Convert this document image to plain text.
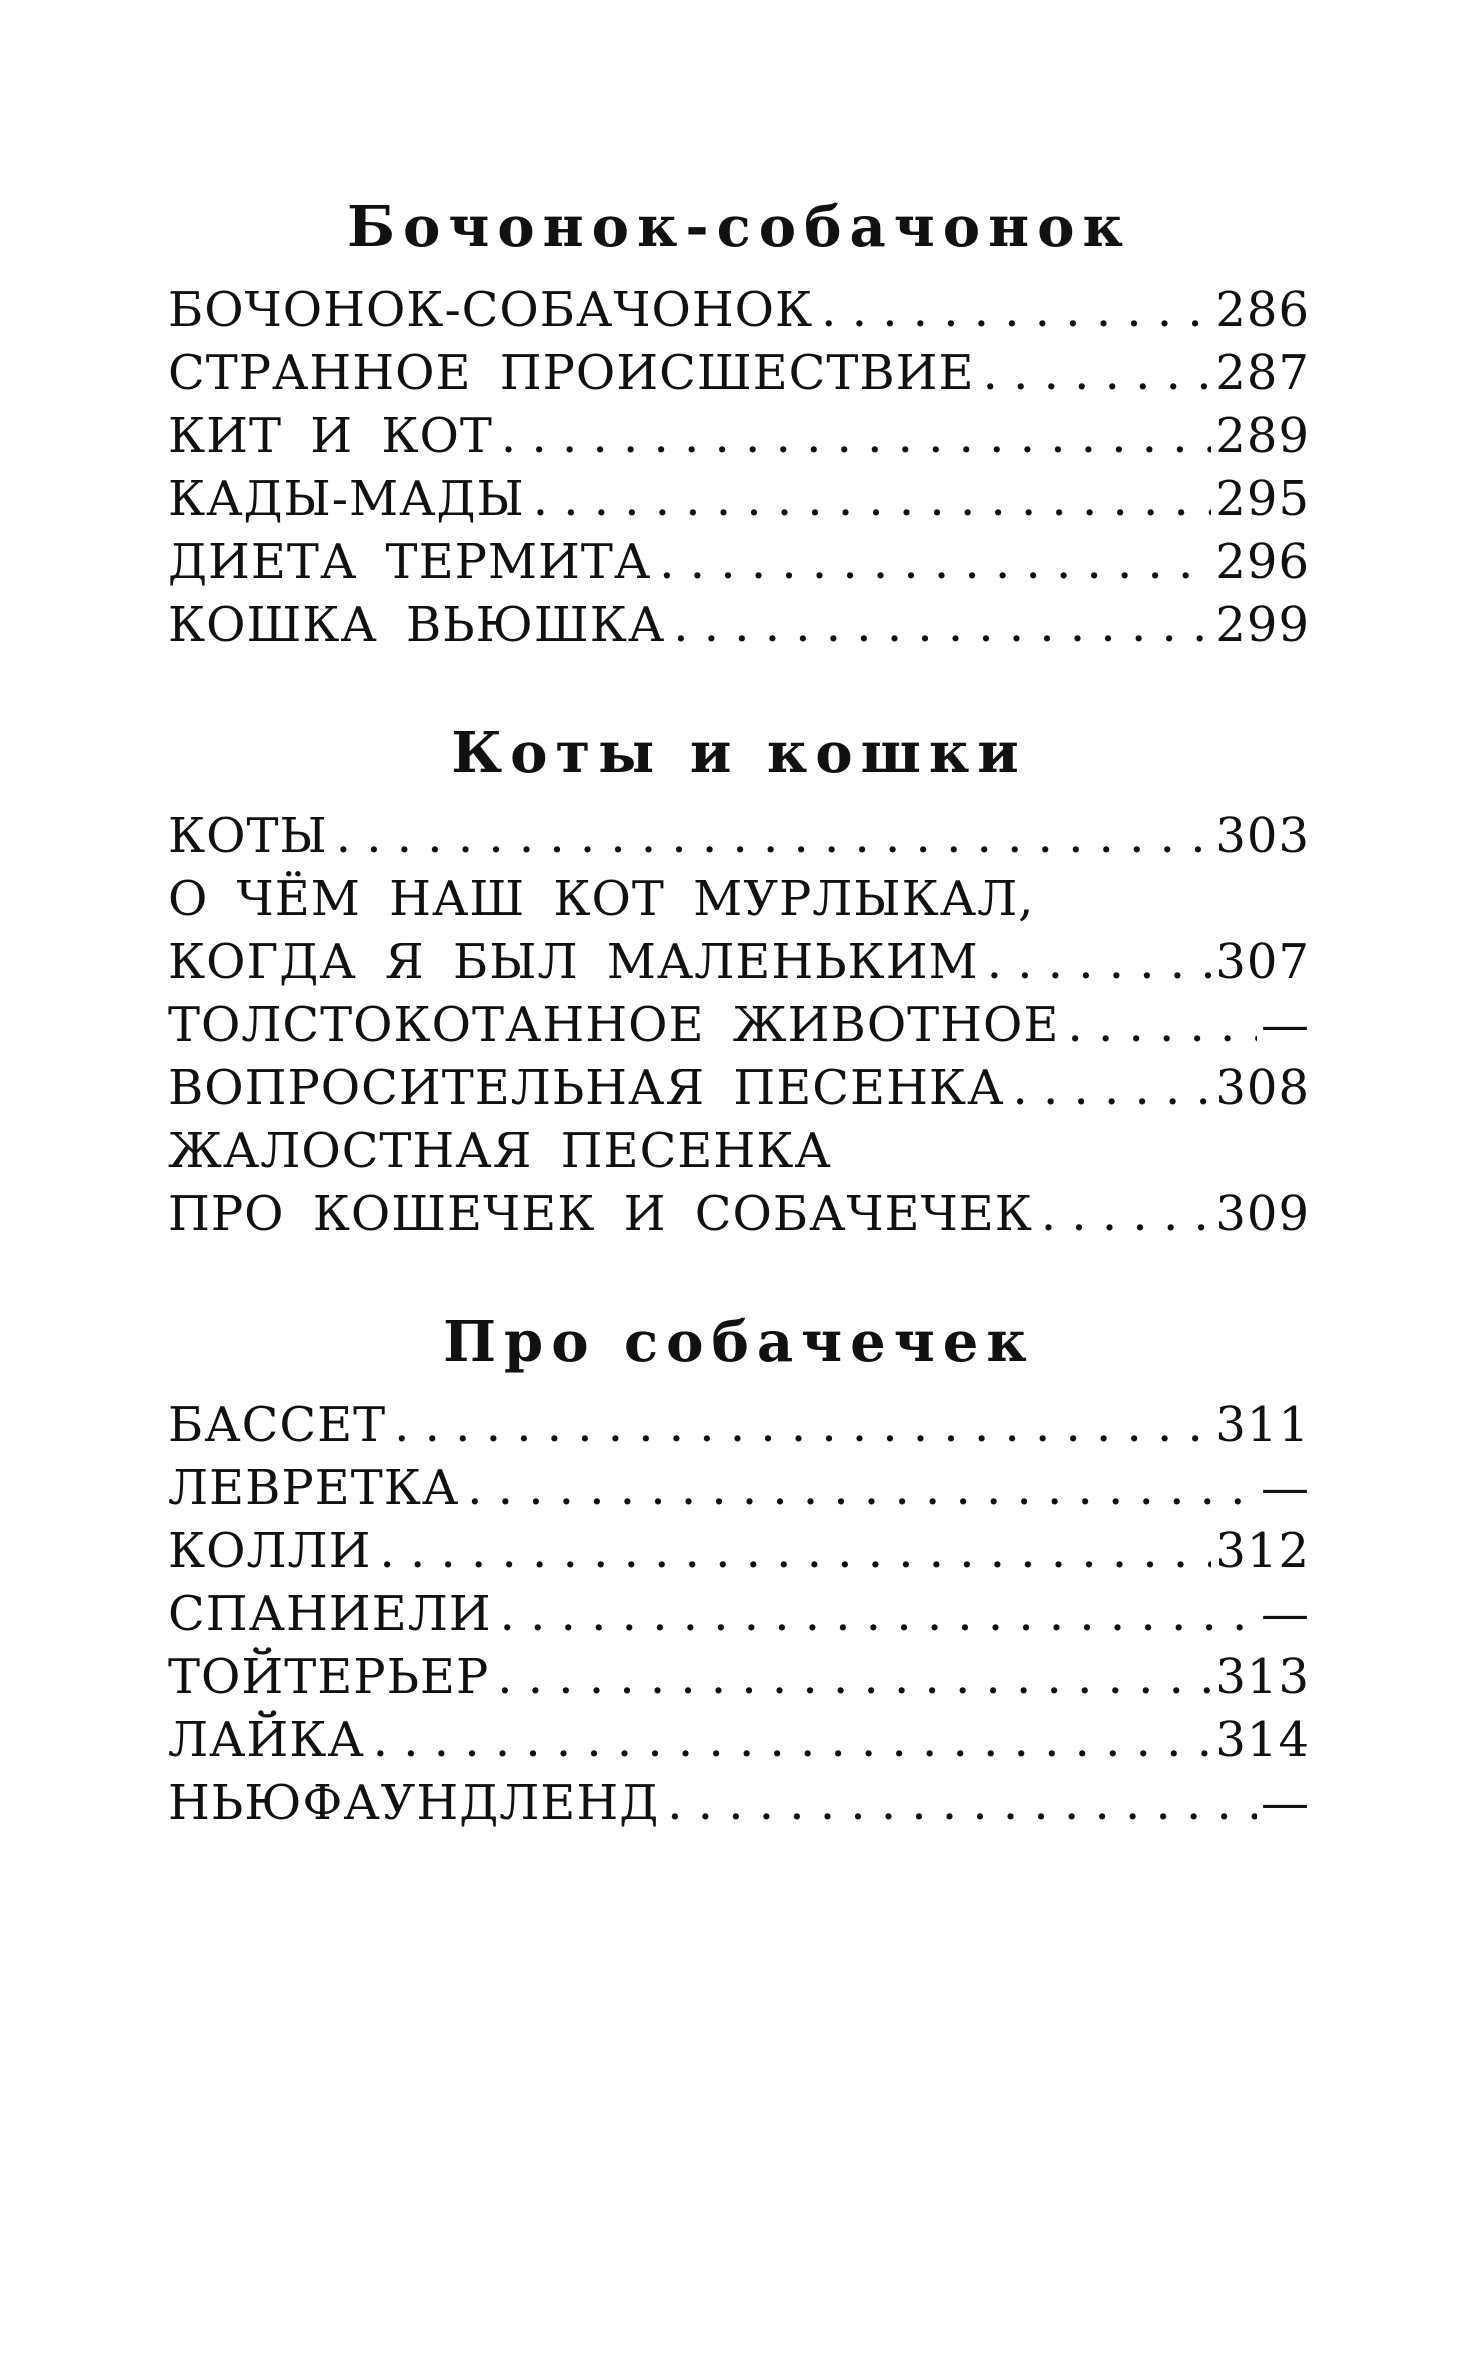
Бочонок-собачонок
БОЧОНОК-СОБАЧОНОК . . .	286
СТРАННОЕ ПРОИСШЕСТВИЕ . . .	287
КИТ И КОТ . . .	289
КАДЫ-МАДЫ . . .	295
ДИЕТА ТЕРМИТА . . .	296
КОШКА ВЬЮШКА . . .	299
Коты и кошки
КОТЫ . . .	303
О ЧЁМ НАШ КОТ МУРЛЫКАЛ,
КОГДА Я БЫЛ МАЛЕНЬКИМ . . .	307
ТОЛСТОКОТАННОЕ ЖИВОТНОЕ . . .	—
ВОПРОСИТЕЛЬНАЯ ПЕСЕНКА . . .	308
ЖАЛОСТНАЯ ПЕСЕНКА
ПРО КОШЕЧЕК И СОБАЧЕЧЕК . . .	309
Про собачечек
БАССЕТ . . .	311
ЛЕВРЕТКА . . .	—
КОЛЛИ . . .	312
СПАНИЕЛИ . . .	—
ТОЙТЕРЬЕР . . .	313
ЛАЙКА . . .	314
НЬЮФАУНДЛЕНД . . .	—
